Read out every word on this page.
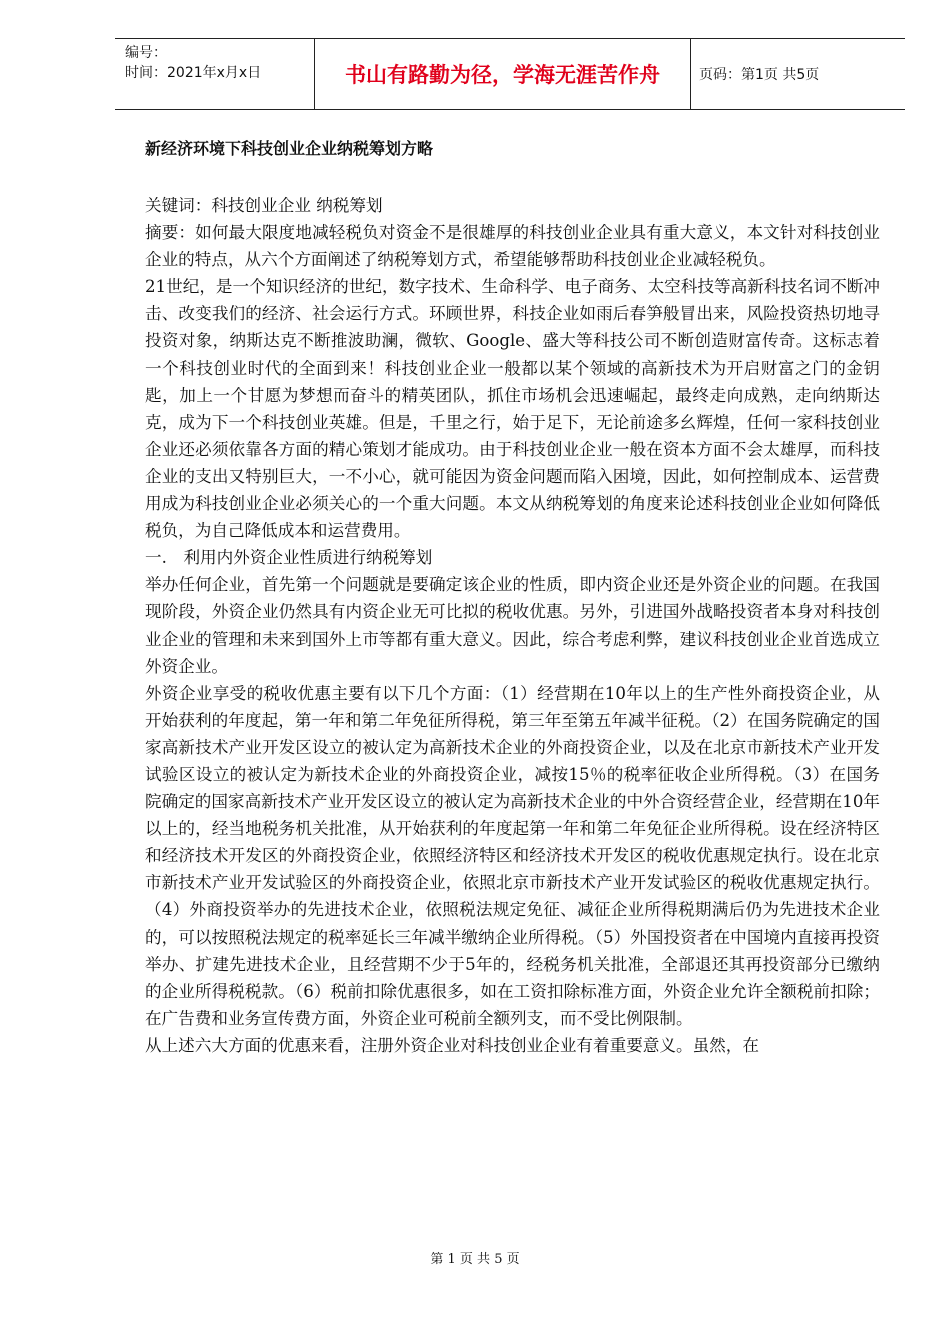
编号：
时间：2021年x月x日	书山有路勤为径，学海无涯苦作舟	页码：第1页 共5页
新经济环境下科技创业企业纳税筹划方略

关键词：科技创业企业 纳税筹划

摘要：如何最大限度地减轻税负对资金不是很雄厚的科技创业企业具有重大意义，本文针对科技创业企业的特点，从六个方面阐述了纳税筹划方式，希望能够帮助科技创业企业减轻税负。

21世纪，是一个知识经济的世纪，数字技术、生命科学、电子商务、太空科技等高新科技名词不断冲击、改变我们的经济、社会运行方式。环顾世界，科技企业如雨后春笋般冒出来，风险投资热切地寻投资对象，纳斯达克不断推波助澜，微软、Google、盛大等科技公司不断创造财富传奇。这标志着一个科技创业时代的全面到来！科技创业企业一般都以某个领域的高新技术为开启财富之门的金钥匙，加上一个甘愿为梦想而奋斗的精英团队，抓住市场机会迅速崛起，最终走向成熟，走向纳斯达克，成为下一个科技创业英雄。但是，千里之行，始于足下，无论前途多幺辉煌，任何一家科技创业企业还必须依靠各方面的精心策划才能成功。由于科技创业企业一般在资本方面不会太雄厚，而科技企业的支出又特别巨大，一不小心，就可能因为资金问题而陷入困境，因此，如何控制成本、运营费用成为科技创业企业必须关心的一个重大问题。本文从纳税筹划的角度来论述科技创业企业如何降低税负，为自己降低成本和运营费用。

一.　利用内外资企业性质进行纳税筹划

举办任何企业，首先第一个问题就是要确定该企业的性质，即内资企业还是外资企业的问题。在我国现阶段，外资企业仍然具有内资企业无可比拟的税收优惠。另外，引进国外战略投资者本身对科技创业企业的管理和未来到国外上市等都有重大意义。因此，综合考虑利弊，建议科技创业企业首选成立外资企业。

外资企业享受的税收优惠主要有以下几个方面：（1）经营期在10年以上的生产性外商投资企业，从开始获利的年度起，第一年和第二年免征所得税，第三年至第五年减半征税。（2）在国务院确定的国家高新技术产业开发区设立的被认定为高新技术企业的外商投资企业，以及在北京市新技术产业开发试验区设立的被认定为新技术企业的外商投资企业，减按15％的税率征收企业所得税。（3）在国务院确定的国家高新技术产业开发区设立的被认定为高新技术企业的中外合资经营企业，经营期在10年以上的，经当地税务机关批准，从开始获利的年度起第一年和第二年免征企业所得税。设在经济特区和经济技术开发区的外商投资企业，依照经济特区和经济技术开发区的税收优惠规定执行。设在北京市新技术产业开发试验区的外商投资企业，依照北京市新技术产业开发试验区的税收优惠规定执行。（4）外商投资举办的先进技术企业，依照税法规定免征、减征企业所得税期满后仍为先进技术企业的，可以按照税法规定的税率延长三年减半缴纳企业所得税。（5）外国投资者在中国境内直接再投资举办、扩建先进技术企业，且经营期不少于5年的，经税务机关批准，全部退还其再投资部分已缴纳的企业所得税税款。（6）税前扣除优惠很多，如在工资扣除标准方面，外资企业允许全额税前扣除；在广告费和业务宣传费方面，外资企业可税前全额列支，而不受比例限制。

从上述六大方面的优惠来看，注册外资企业对科技创业企业有着重要意义。虽然，在

第 1 页 共 5 页
